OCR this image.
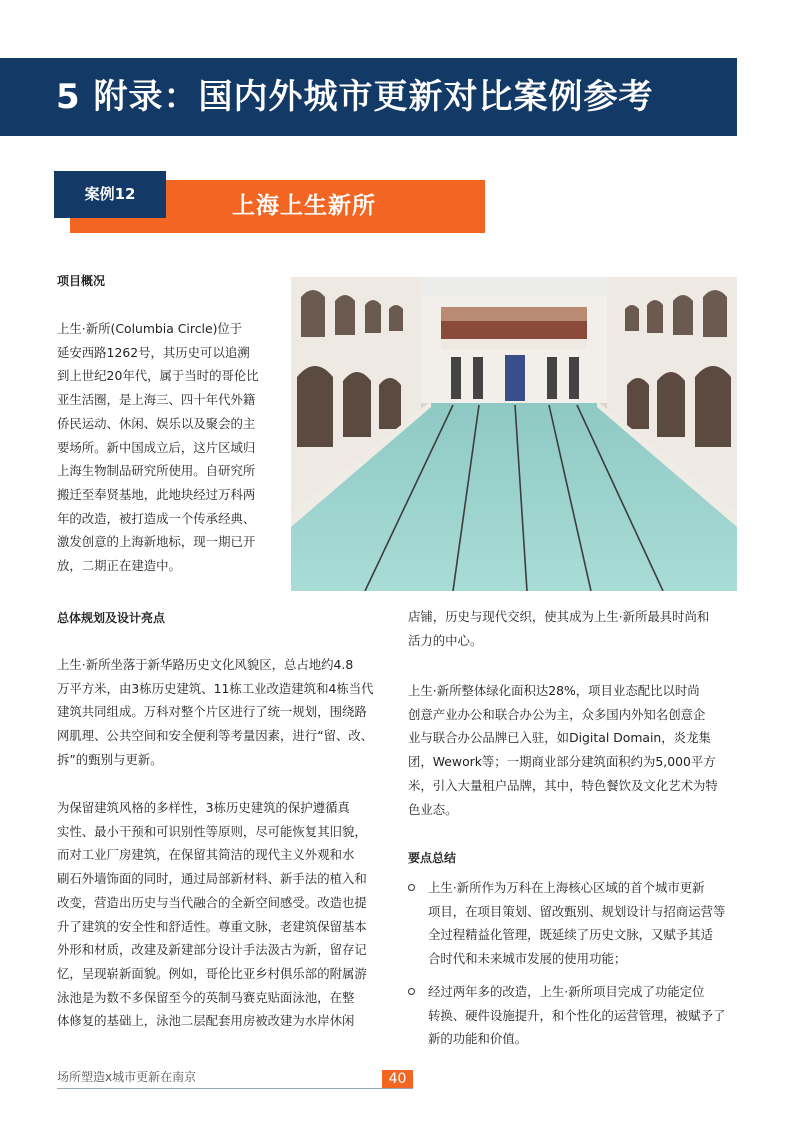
5 附录：国内外城市更新对比案例参考
上海上生新所
案例12
项目概况

上生·新所(Columbia Circle)位于
延安西路1262号，其历史可以追溯
到上世纪20年代，属于当时的哥伦比
亚生活圈，是上海三、四十年代外籍
侨民运动、休闲、娱乐以及聚会的主
要场所。新中国成立后，这片区域归
上海生物制品研究所使用。自研究所
搬迁至奉贤基地，此地块经过万科两
年的改造，被打造成一个传承经典、
激发创意的上海新地标，现一期已开
放，二期正在建造中。

总体规划及设计亮点

上生·新所坐落于新华路历史文化风貌区，总占地约4.8
万平方米，由3栋历史建筑、11栋工业改造建筑和4栋当代
建筑共同组成。万科对整个片区进行了统一规划，围绕路
网肌理、公共空间和安全便利等考量因素，进行“留、改、
拆”的甄别与更新。

为保留建筑风格的多样性，3栋历史建筑的保护遵循真
实性、最小干预和可识别性等原则，尽可能恢复其旧貌，
而对工业厂房建筑，在保留其简洁的现代主义外观和水
刷石外墙饰面的同时，通过局部新材料、新手法的植入和
改变，营造出历史与当代融合的全新空间感受。改造也提
升了建筑的安全性和舒适性。尊重文脉，老建筑保留基本
外形和材质，改建及新建部分设计手法汲古为新，留存记
忆，呈现崭新面貌。例如，哥伦比亚乡村俱乐部的附属游
泳池是为数不多保留至今的英制马赛克贴面泳池，在整
体修复的基础上，泳池二层配套用房被改建为水岸休闲

店铺，历史与现代交织，使其成为上生·新所最具时尚和
活力的中心。

上生·新所整体绿化面积达28%，项目业态配比以时尚
创意产业办公和联合办公为主，众多国内外知名创意企
业与联合办公品牌已入驻，如Digital Domain，炎龙集
团，Wework等；一期商业部分建筑面积约为5,000平方
米，引入大量租户品牌，其中，特色餐饮及文化艺术为特
色业态。

要点总结
上生·新所作为万科在上海核心区域的首个城市更新
项目，在项目策划、留改甄别、规划设计与招商运营等
全过程精益化管理，既延续了历史文脉，又赋予其适
合时代和未来城市发展的使用功能；
经过两年多的改造，上生·新所项目完成了功能定位
转换、硬件设施提升，和个性化的运营管理，被赋予了
新的功能和价值。
场所塑造x城市更新在南京	40
